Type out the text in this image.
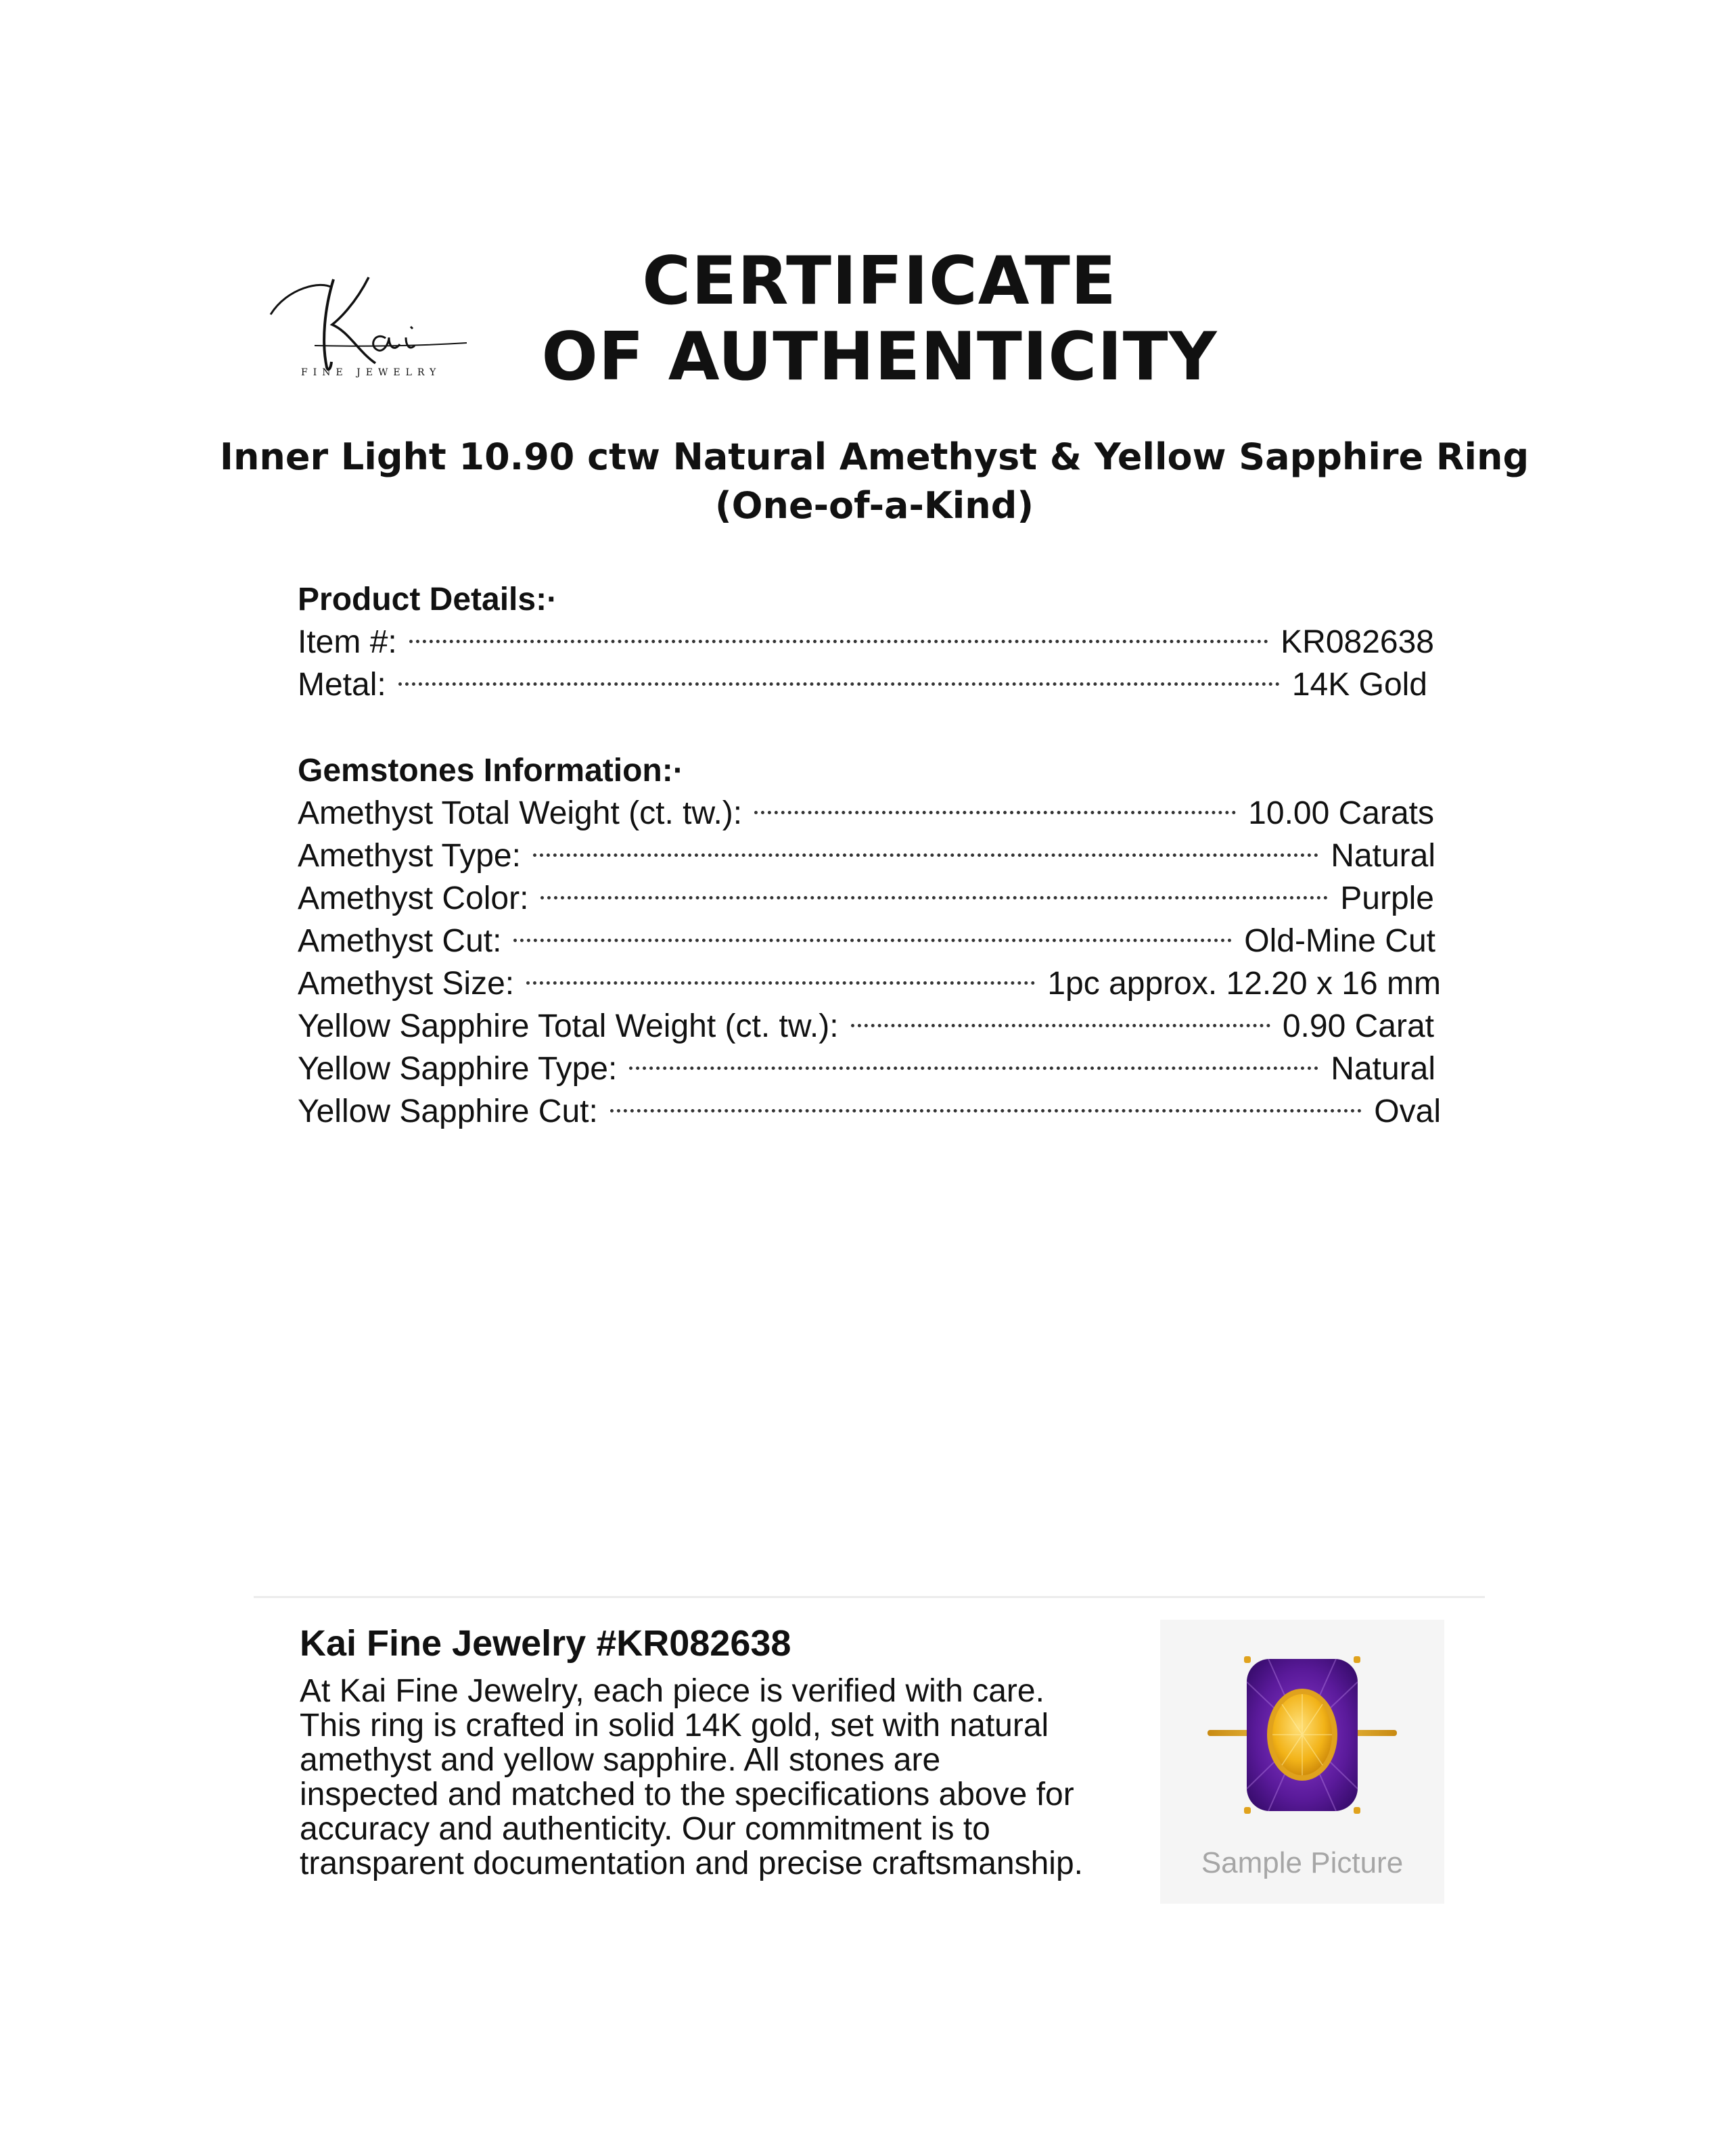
FINE JEWELRY
CERTIFICATE
OF AUTHENTICITY
Inner Light 10.90 ctw Natural Amethyst & Yellow Sapphire Ring
(One-of-a-Kind)
Product Details:·
Item #:	KR082638
Metal:	14K Gold
Gemstones Information:·
Amethyst Total Weight (ct. tw.):	10.00 Carats
Amethyst Type:	Natural
Amethyst Color:	Purple
Amethyst Cut:	Old-Mine Cut
Amethyst Size:	1pc approx. 12.20 x 16 mm
Yellow Sapphire Total Weight (ct. tw.):	0.90 Carat
Yellow Sapphire Type:	Natural
Yellow Sapphire Cut:	Oval
Kai Fine Jewelry #KR082638
At Kai Fine Jewelry, each piece is verified with care.
This ring is crafted in solid 14K gold, set with natural
amethyst and yellow sapphire. All stones are
inspected and matched to the specifications above for
accuracy and authenticity. Our commitment is to
transparent documentation and precise craftsmanship.	Sample Picture
